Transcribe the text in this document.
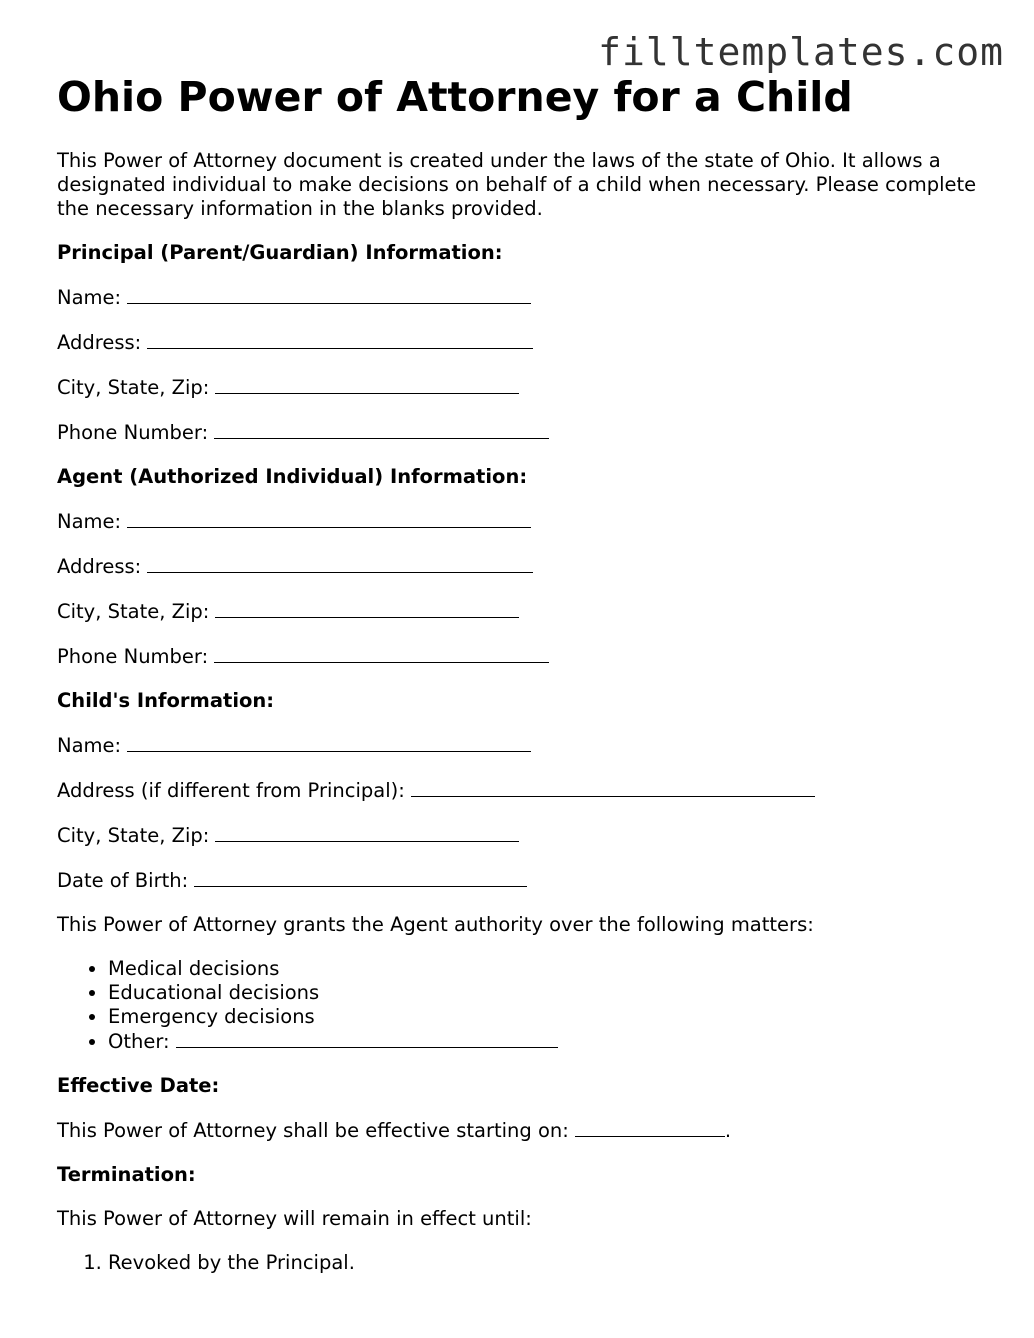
filltemplates.com
Ohio Power of Attorney for a Child

This Power of Attorney document is created under the laws of the state of Ohio. It allows a designated individual to make decisions on behalf of a child when necessary. Please complete the necessary information in the blanks provided.

Principal (Parent/Guardian) Information:

Name:

Address:

City, State, Zip:

Phone Number:

Agent (Authorized Individual) Information:

Name:

Address:

City, State, Zip:

Phone Number:

Child's Information:

Name:

Address (if different from Principal):

City, State, Zip:

Date of Birth:

This Power of Attorney grants the Agent authority over the following matters:

• Medical decisions
• Educational decisions
• Emergency decisions
• Other:

Effective Date:

This Power of Attorney shall be effective starting on:	.

Termination:

This Power of Attorney will remain in effect until:

1. Revoked by the Principal.
